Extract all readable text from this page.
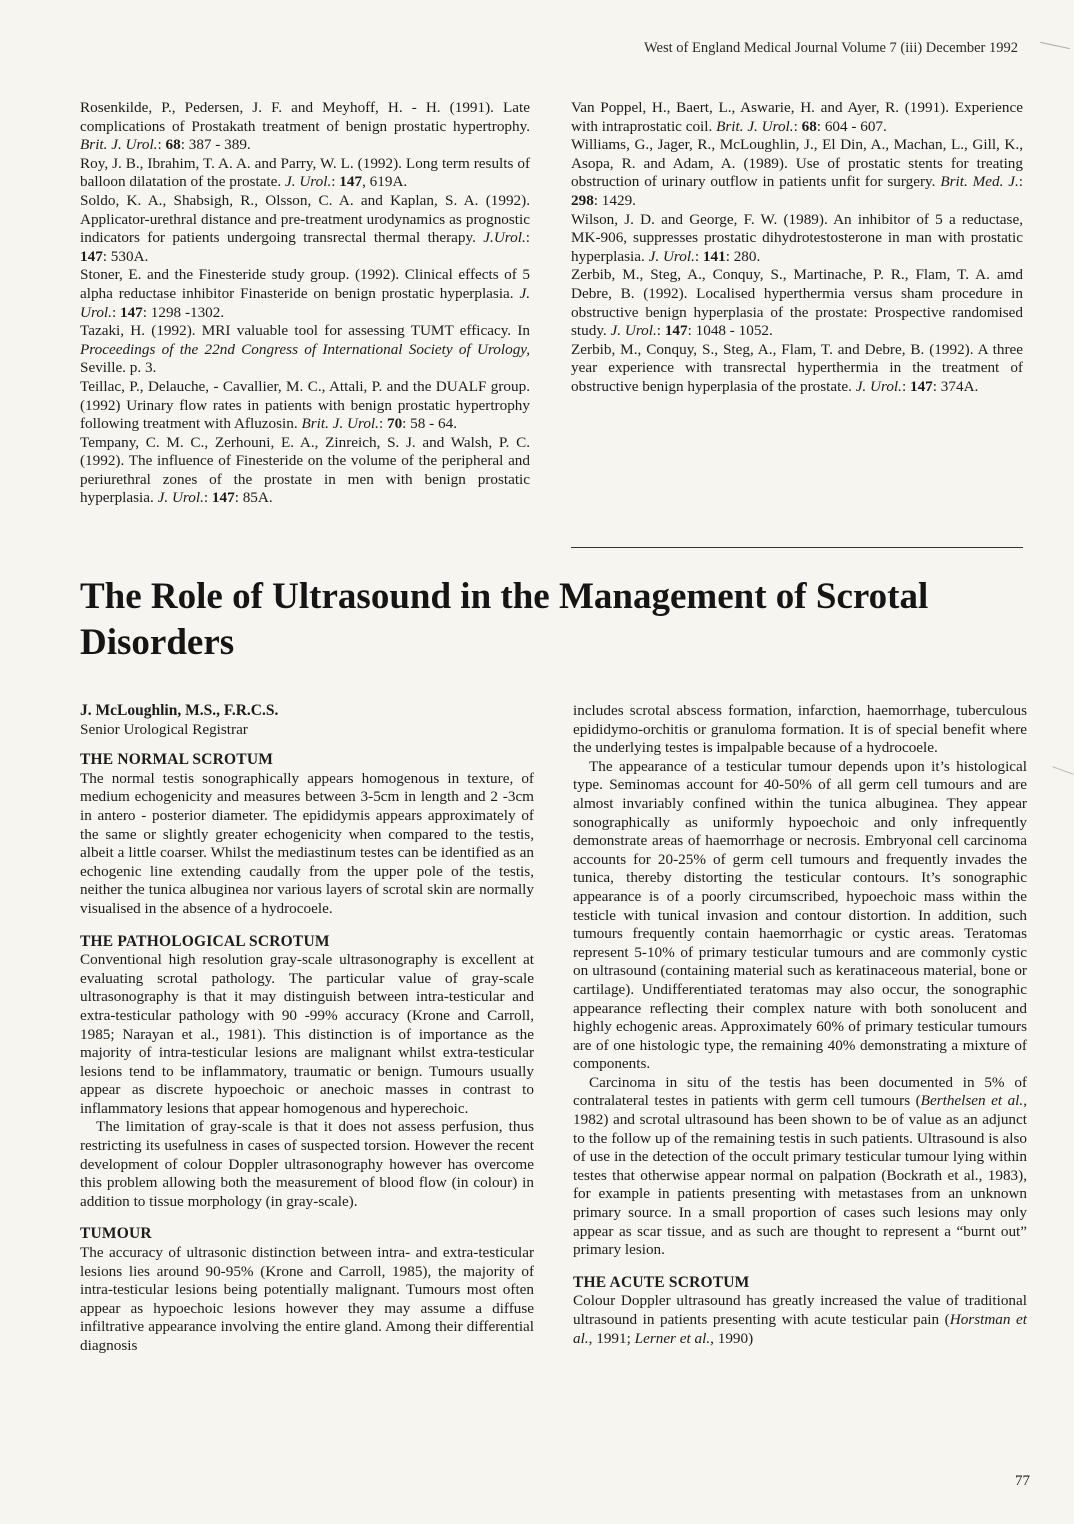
West of England Medical Journal Volume 7 (iii) December 1992

Rosenkilde, P., Pedersen, J. F. and Meyhoff, H. - H. (1991). Late complications of Prostakath treatment of benign prostatic hypertrophy. Brit. J. Urol.: 68: 387 - 389.

Roy, J. B., Ibrahim, T. A. A. and Parry, W. L. (1992). Long term results of balloon dilatation of the prostate. J. Urol.: 147, 619A.

Soldo, K. A., Shabsigh, R., Olsson, C. A. and Kaplan, S. A. (1992). Applicator-urethral distance and pre-treatment urodynamics as prognostic indicators for patients undergoing transrectal thermal therapy. J.Urol.: 147: 530A.

Stoner, E. and the Finesteride study group. (1992). Clinical effects of 5 alpha reductase inhibitor Finasteride on benign prostatic hyperplasia. J. Urol.: 147: 1298 -1302.

Tazaki, H. (1992). MRI valuable tool for assessing TUMT efficacy. In Proceedings of the 22nd Congress of International Society of Urology, Seville. p. 3.

Teillac, P., Delauche, - Cavallier, M. C., Attali, P. and the DUALF group. (1992) Urinary flow rates in patients with benign prostatic hypertrophy following treatment with Afluzosin. Brit. J. Urol.: 70: 58 - 64.

Tempany, C. M. C., Zerhouni, E. A., Zinreich, S. J. and Walsh, P. C. (1992). The influence of Finesteride on the volume of the peripheral and periurethral zones of the prostate in men with benign prostatic hyperplasia. J. Urol.: 147: 85A.

Van Poppel, H., Baert, L., Aswarie, H. and Ayer, R. (1991). Experience with intraprostatic coil. Brit. J. Urol.: 68: 604 - 607.

Williams, G., Jager, R., McLoughlin, J., El Din, A., Machan, L., Gill, K., Asopa, R. and Adam, A. (1989). Use of prostatic stents for treating obstruction of urinary outflow in patients unfit for surgery. Brit. Med. J.: 298: 1429.

Wilson, J. D. and George, F. W. (1989). An inhibitor of 5 a reductase, MK-906, suppresses prostatic dihydrotestosterone in man with prostatic hyperplasia. J. Urol.: 141: 280.

Zerbib, M., Steg, A., Conquy, S., Martinache, P. R., Flam, T. A. amd Debre, B. (1992). Localised hyperthermia versus sham procedure in obstructive benign hyperplasia of the prostate: Prospective randomised study. J. Urol.: 147: 1048 - 1052.

Zerbib, M., Conquy, S., Steg, A., Flam, T. and Debre, B. (1992). A three year experience with transrectal hyperthermia in the treatment of obstructive benign hyperplasia of the prostate. J. Urol.: 147: 374A.

The Role of Ultrasound in the Management of Scrotal Disorders

J. McLoughlin, M.S., F.R.C.S.

Senior Urological Registrar

THE NORMAL SCROTUM

The normal testis sonographically appears homogenous in texture, of medium echogenicity and measures between 3-5cm in length and 2 -3cm in antero - posterior diameter. The epididymis appears approximately of the same or slightly greater echogenicity when compared to the testis, albeit a little coarser. Whilst the mediastinum testes can be identified as an echogenic line extending caudally from the upper pole of the testis, neither the tunica albuginea nor various layers of scrotal skin are normally visualised in the absence of a hydrocoele.

THE PATHOLOGICAL SCROTUM

Conventional high resolution gray-scale ultrasonography is excellent at evaluating scrotal pathology. The particular value of gray-scale ultrasonography is that it may distinguish between intra-testicular and extra-testicular pathology with 90 -99% accuracy (Krone and Carroll, 1985; Narayan et al., 1981). This distinction is of importance as the majority of intra-testicular lesions are malignant whilst extra-testicular lesions tend to be inflammatory, traumatic or benign. Tumours usually appear as discrete hypoechoic or anechoic masses in contrast to inflammatory lesions that appear homogenous and hyperechoic.

The limitation of gray-scale is that it does not assess perfusion, thus restricting its usefulness in cases of suspected torsion. However the recent development of colour Doppler ultrasonography however has overcome this problem allowing both the measurement of blood flow (in colour) in addition to tissue morphology (in gray-scale).

TUMOUR

The accuracy of ultrasonic distinction between intra- and extra-testicular lesions lies around 90-95% (Krone and Carroll, 1985), the majority of intra-testicular lesions being potentially malignant. Tumours most often appear as hypoechoic lesions however they may assume a diffuse infiltrative appearance involving the entire gland. Among their differential diagnosis

includes scrotal abscess formation, infarction, haemorrhage, tuberculous epididymo-orchitis or granuloma formation. It is of special benefit where the underlying testes is impalpable because of a hydrocoele.

The appearance of a testicular tumour depends upon it’s histological type. Seminomas account for 40-50% of all germ cell tumours and are almost invariably confined within the tunica albuginea. They appear sonographically as uniformly hypoechoic and only infrequently demonstrate areas of haemorrhage or necrosis. Embryonal cell carcinoma accounts for 20-25% of germ cell tumours and frequently invades the tunica, thereby distorting the testicular contours. It’s sonographic appearance is of a poorly circumscribed, hypoechoic mass within the testicle with tunical invasion and contour distortion. In addition, such tumours frequently contain haemorrhagic or cystic areas. Teratomas represent 5-10% of primary testicular tumours and are commonly cystic on ultrasound (containing material such as keratinaceous material, bone or cartilage). Undifferentiated teratomas may also occur, the sonographic appearance reflecting their complex nature with both sonolucent and highly echogenic areas. Approximately 60% of primary testicular tumours are of one histologic type, the remaining 40% demonstrating a mixture of components.

Carcinoma in situ of the testis has been documented in 5% of contralateral testes in patients with germ cell tumours (Berthelsen et al., 1982) and scrotal ultrasound has been shown to be of value as an adjunct to the follow up of the remaining testis in such patients. Ultrasound is also of use in the detection of the occult primary testicular tumour lying within testes that otherwise appear normal on palpation (Bockrath et al., 1983), for example in patients presenting with metastases from an unknown primary source. In a small proportion of cases such lesions may only appear as scar tissue, and as such are thought to represent a “burnt out” primary lesion.

THE ACUTE SCROTUM

Colour Doppler ultrasound has greatly increased the value of traditional ultrasound in patients presenting with acute testicular pain (Horstman et al., 1991; Lerner et al., 1990)

77
